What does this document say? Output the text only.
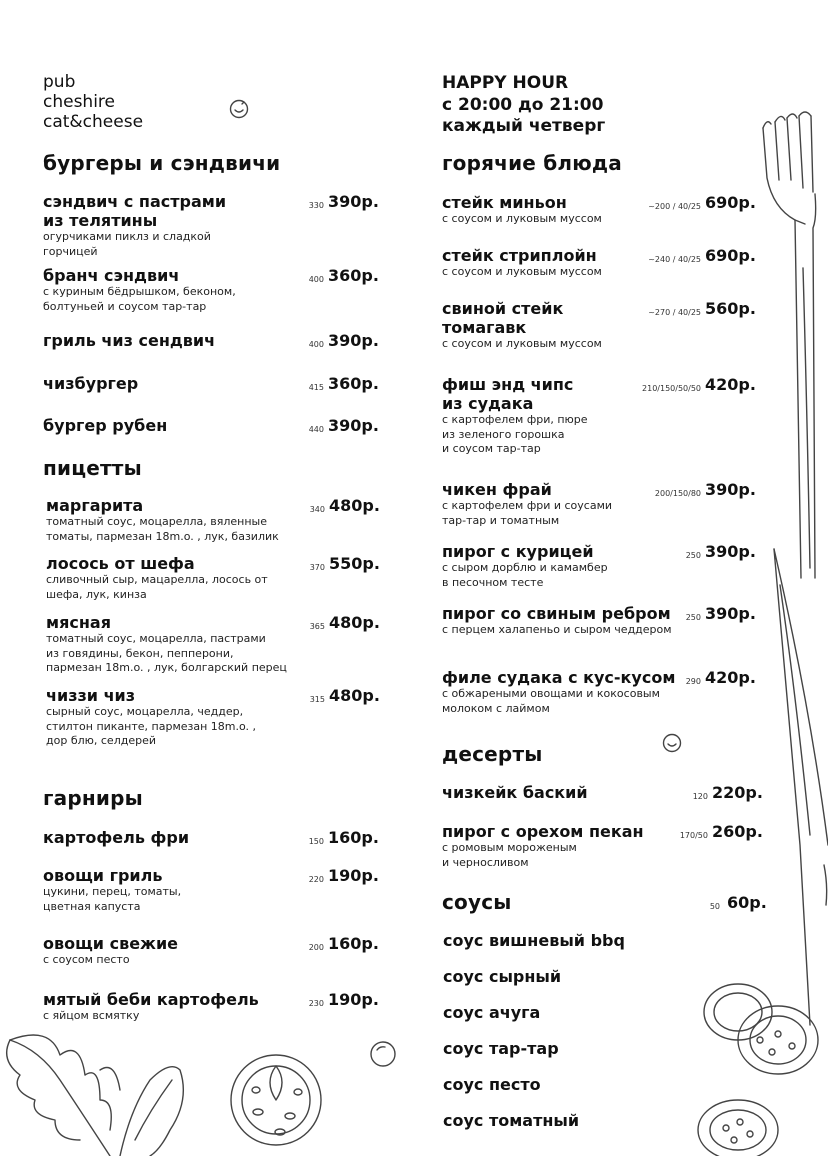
pub
cheshire
cat&cheese
HAPPY HOUR
с 20:00 до 21:00
каждый четверг
бургеры и сэндвичи
пицетты
гарниры
горячие блюда
десерты
соусы
сэндвич с пастрами
из телятины
огурчиками пиклз и сладкой
горчицей
330 390р.
бранч сэндвич
с куриным бёдрышком, беконом,
болтуньей и соусом тар-тар
400 360р.
гриль чиз сендвич	400 390р.
чизбургер	415 360р.
бургер рубен	440 390р.
маргарита
томатный соус, моцарелла, вяленные
томаты, пармезан 18m.o. , лук, базилик
340 480р.
лосось от шефа
сливочный сыр, мацарелла, лосось от
шефа, лук, кинза
370 550р.
мясная
томатный соус, моцарелла, пастрами
из говядины, бекон, пепперони,
пармезан 18m.o. , лук, болгарский перец
365 480р.
чиззи чиз
сырный соус, моцарелла, чеддер,
стилтон пиканте, пармезан 18m.o. ,
дор блю, селдерей
315 480р.
картофель фри	150 160р.
овощи гриль
цукини, перец, томаты,
цветная капуста
220 190р.
овощи свежие
с соусом песто
200 160р.
мятый беби картофель
с яйцом всмятку
230 190р.
стейк миньон
с соусом и луковым муссом
~200 / 40/25 690р.
стейк стриплойн
с соусом и луковым муссом
~240 / 40/25 690р.
свиной стейк
томагавк
с соусом и луковым муссом
~270 / 40/25 560р.
фиш энд чипс
из судака
с картофелем фри, пюре
из зеленого горошка
и соусом тар-тар
210/150/50/50 420р.
чикен фрай
с картофелем фри и соусами
тар-тар и томатным
200/150/80 390р.
пирог с курицей
с сыром дорблю и камамбер
в песочном тесте
250 390р.
пирог со свиным ребром
с перцем халапеньо и сыром чеддером
250 390р.
филе судака с кус-кусом
с обжареными овощами и кокосовым
молоком с лаймом
290 420р.
чизкейк баский	120 220р.
пирог с орехом пекан
с ромовым мороженым
и черносливом
170/50 260р.
50 60р.
соус вишневый bbq
соус сырный
соус ачуга
соус тар-тар
соус песто
соус томатный
